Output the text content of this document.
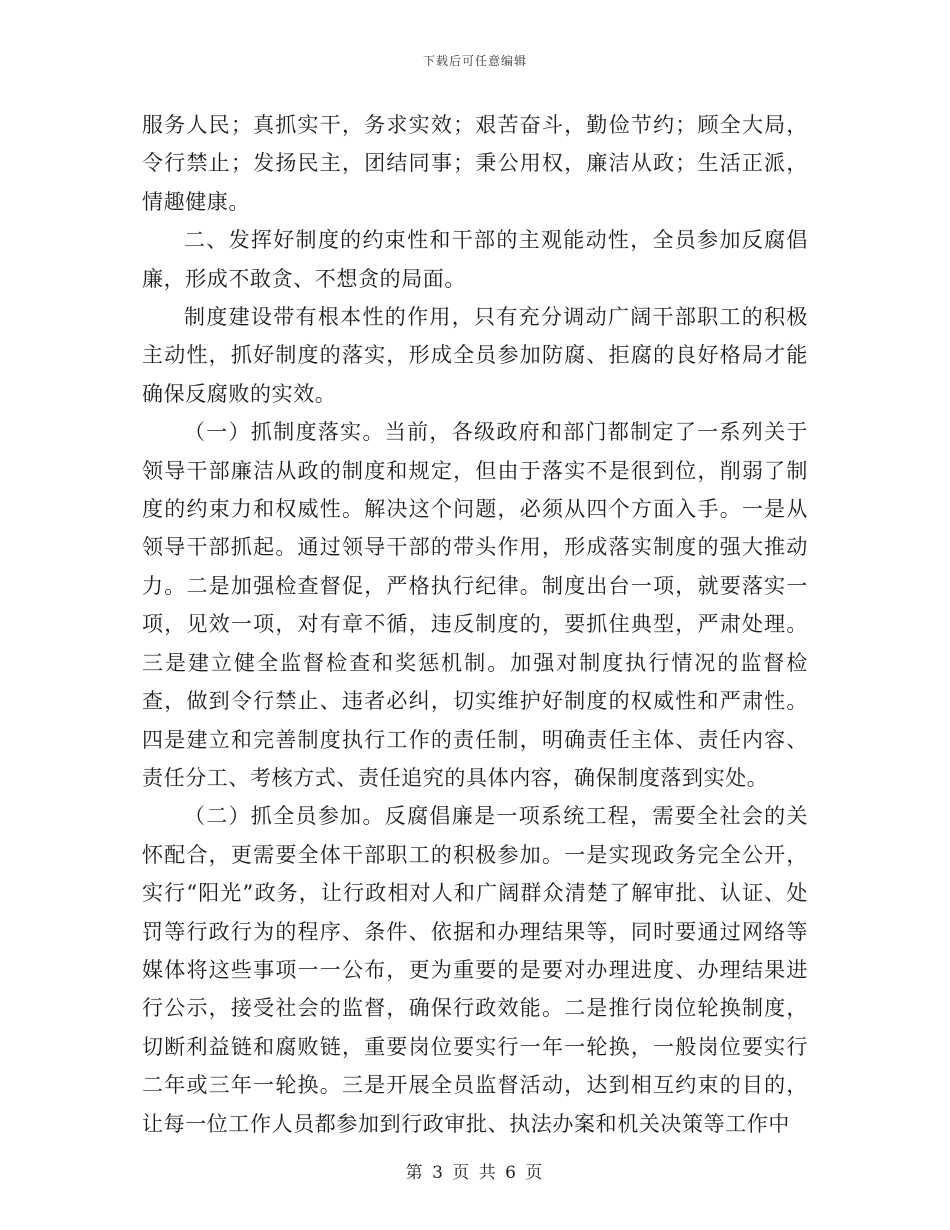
下载后可任意编辑

服务人民；真抓实干，务求实效；艰苦奋斗，勤俭节约；顾全大局，令行禁止；发扬民主，团结同事；秉公用权，廉洁从政；生活正派，情趣健康。

二、发挥好制度的约束性和干部的主观能动性，全员参加反腐倡廉，形成不敢贪、不想贪的局面。

制度建设带有根本性的作用，只有充分调动广阔干部职工的积极主动性，抓好制度的落实，形成全员参加防腐、拒腐的良好格局才能确保反腐败的实效。

（一）抓制度落实。当前，各级政府和部门都制定了一系列关于领导干部廉洁从政的制度和规定，但由于落实不是很到位，削弱了制度的约束力和权威性。解决这个问题，必须从四个方面入手。一是从领导干部抓起。通过领导干部的带头作用，形成落实制度的强大推动力。二是加强检查督促，严格执行纪律。制度出台一项，就要落实一项，见效一项，对有章不循，违反制度的，要抓住典型，严肃处理。三是建立健全监督检查和奖惩机制。加强对制度执行情况的监督检查，做到令行禁止、违者必纠，切实维护好制度的权威性和严肃性。四是建立和完善制度执行工作的责任制，明确责任主体、责任内容、责任分工、考核方式、责任追究的具体内容，确保制度落到实处。

（二）抓全员参加。反腐倡廉是一项系统工程，需要全社会的关怀配合，更需要全体干部职工的积极参加。一是实现政务完全公开，实行“阳光”政务，让行政相对人和广阔群众清楚了解审批、认证、处罚等行政行为的程序、条件、依据和办理结果等，同时要通过网络等媒体将这些事项一一公布，更为重要的是要对办理进度、办理结果进行公示，接受社会的监督，确保行政效能。二是推行岗位轮换制度，切断利益链和腐败链，重要岗位要实行一年一轮换，一般岗位要实行二年或三年一轮换。三是开展全员监督活动，达到相互约束的目的，让每一位工作人员都参加到行政审批、执法办案和机关决策等工作中

第 3 页 共 6 页
